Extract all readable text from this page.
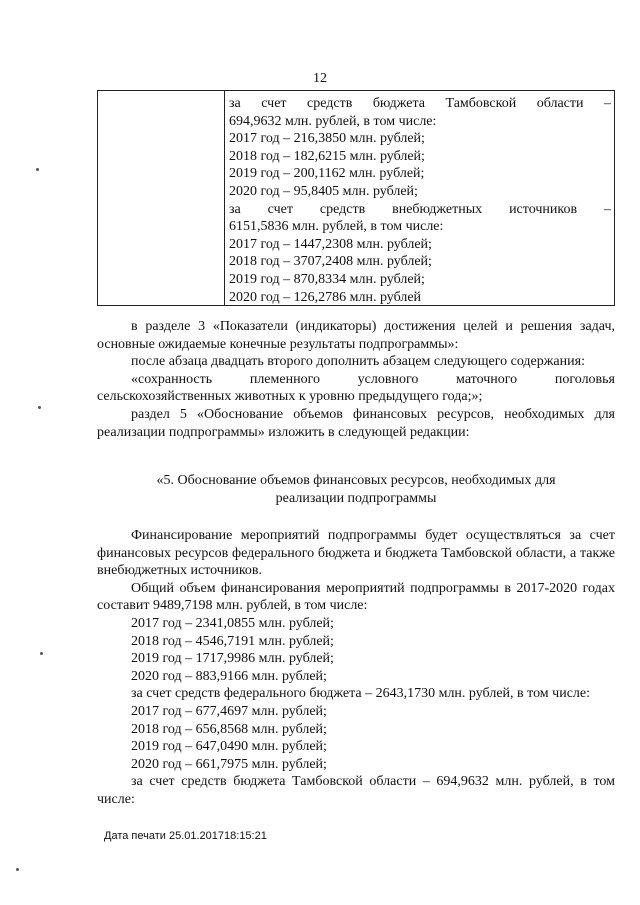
12
за счет средств бюджета Тамбовской области –
694,9632 млн. рублей, в том числе:
2017 год – 216,3850 млн. рублей;
2018 год – 182,6215 млн. рублей;
2019 год – 200,1162 млн. рублей;
2020 год – 95,8405 млн. рублей;
за счет средств внебюджетных источников –
6151,5836 млн. рублей, в том числе:
2017 год – 1447,2308 млн. рублей;
2018 год – 3707,2408 млн. рублей;
2019 год – 870,8334 млн. рублей;
2020 год – 126,2786 млн. рублей

в разделе 3 «Показатели (индикаторы) достижения целей и решения задач, основные ожидаемые конечные результаты подпрограммы»:

после абзаца двадцать второго дополнить абзацем следующего содержания:

«сохранность племенного условного маточного поголовья сельскохозяйственных животных к уровню предыдущего года;»;

раздел 5 «Обоснование объемов финансовых ресурсов, необходимых для реализации подпрограммы» изложить в следующей редакции:

«5. Обоснование объемов финансовых ресурсов, необходимых для
реализации подпрограммы

Финансирование мероприятий подпрограммы будет осуществляться за счет финансовых ресурсов федерального бюджета и бюджета Тамбовской области, а также внебюджетных источников.

Общий объем финансирования мероприятий подпрограммы в 2017-2020 годах составит 9489,7198 млн. рублей, в том числе:

2017 год – 2341,0855 млн. рублей;
2018 год – 4546,7191 млн. рублей;
2019 год – 1717,9986 млн. рублей;
2020 год – 883,9166 млн. рублей;

за счет средств федерального бюджета – 2643,1730 млн. рублей, в том числе:

2017 год – 677,4697 млн. рублей;
2018 год – 656,8568 млн. рублей;
2019 год – 647,0490 млн. рублей;
2020 год – 661,7975 млн. рублей;

за счет средств бюджета Тамбовской области – 694,9632 млн. рублей, в том числе:

Дата печати 25.01.201718:15:21
